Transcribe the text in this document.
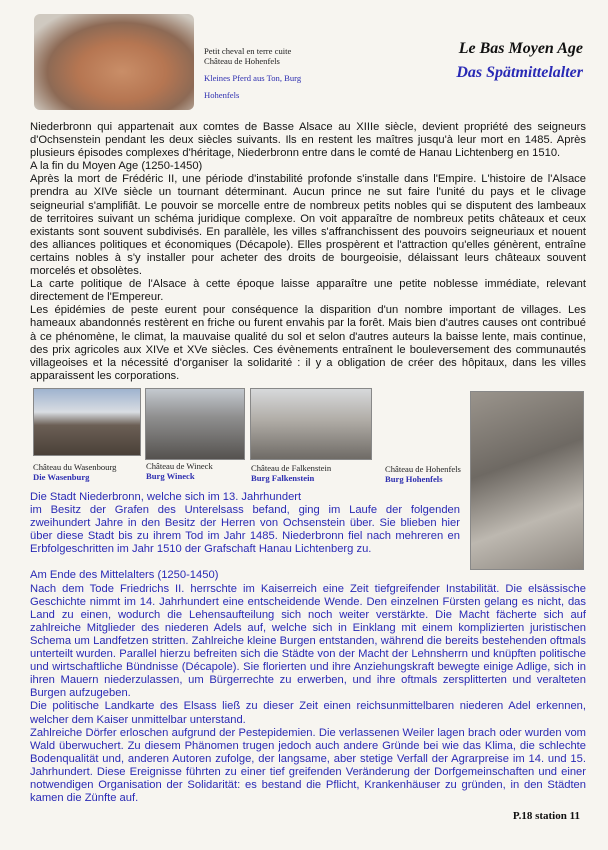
Petit cheval en terre cuite
Château de Hohenfels
Kleines Pferd aus Ton, Burg
Hohenfels
Le Bas Moyen Age
Das Spätmittelalter

Niederbronn qui appartenait aux comtes de Basse Alsace au XIIIe siècle, devient propriété des seigneurs d'Ochsenstein pendant les deux siècles suivants. Ils en restent les maîtres jusqu'à leur mort en 1485. Après plusieurs épisodes complexes d'héritage, Niederbronn entre dans le comté de Hanau Lichtenberg en 1510.

A la fin du Moyen Age (1250-1450)

Après la mort de Frédéric II, une période d'instabilité profonde s'installe dans l'Empire. L'histoire de l'Alsace prendra au XIVe siècle un tournant déterminant. Aucun prince ne sut faire l'unité du pays et le clivage seigneurial s'amplifiât. Le pouvoir se morcelle entre de nombreux petits nobles qui se disputent des lambeaux de territoires suivant un schéma juridique complexe. On voit apparaître de nombreux petits châteaux et ceux existants sont souvent subdivisés. En parallèle, les villes s'affranchissent des pouvoirs seigneuriaux et nouent des alliances politiques et économiques (Décapole). Elles prospèrent et l'attraction qu'elles génèrent, entraîne certains nobles à s'y installer pour acheter des droits de bourgeoisie, délaissant leurs châteaux souvent morcelés et obsolètes.

La carte politique de l'Alsace à cette époque laisse apparaître une petite noblesse immédiate, relevant directement de l'Empereur.

Les épidémies de peste eurent pour conséquence la disparition d'un nombre important de villages. Les hameaux abandonnés restèrent en friche ou furent envahis par la forêt. Mais bien d'autres causes ont contribué à ce phénomène, le climat, la mauvaise qualité du sol et selon d'autres auteurs la baisse lente, mais continue, des prix agricoles aux XIVe et XVe siècles. Ces évènements entraînent le bouleversement des communautés villageoises et la nécessité d'organiser la solidarité : il y a obligation de créer des hôpitaux, dans les villes apparaissent les corporations.

Château du Wasenbourg
Die Wasenburg
Château de Wineck
Burg Wineck
Château de Falkenstein
Burg Falkenstein
Château de Hohenfels
Burg Hohenfels

Die Stadt Niederbronn, welche sich im 13. Jahrhundert

im Besitz der Grafen des Unterelsass befand, ging im Laufe der folgenden zweihundert Jahre in den Besitz der Herren von Ochsenstein über. Sie blieben hier über diese Stadt bis zu ihrem Tod im Jahr 1485. Niederbronn fiel nach mehreren en Erbfolgeschritten im Jahr 1510 der Grafschaft Hanau Lichtenberg zu.

Am Ende des Mittelalters (1250-1450)

Nach dem Tode Friedrichs II. herrschte im Kaiserreich eine Zeit tiefgreifender Instabilität. Die elsässische Geschichte nimmt im 14. Jahrhundert eine entscheidende Wende. Den einzelnen Fürsten gelang es nicht, das Land zu einen, wodurch die Lehensaufteilung sich noch weiter verstärkte. Die Macht fächerte sich auf zahlreiche Mitglieder des niederen Adels auf, welche sich in Einklang mit einem komplizierten juristischen Schema um Landfetzen stritten. Zahlreiche kleine Burgen entstanden, während die bereits bestehenden oftmals unterteilt wurden. Parallel hierzu befreiten sich die Städte von der Macht der Lehnsherrn und knüpften politische und wirtschaftliche Bündnisse (Décapole). Sie florierten und ihre Anziehungskraft bewegte einige Adlige, sich in ihren Mauern niederzulassen, um Bürgerrechte zu erwerben, und ihre oftmals zersplitterten und veralteten Burgen aufzugeben.

Die politische Landkarte des Elsass ließ zu dieser Zeit einen reichsunmittelbaren niederen Adel erkennen, welcher dem Kaiser unmittelbar unterstand.

Zahlreiche Dörfer erloschen aufgrund der Pestepidemien. Die verlassenen Weiler lagen brach oder wurden vom Wald überwuchert. Zu diesem Phänomen trugen jedoch auch andere Gründe bei wie das Klima, die schlechte Bodenqualität und, anderen Autoren zufolge, der langsame, aber stetige Verfall der Agrarpreise im 14. und 15. Jahrhundert. Diese Ereignisse führten zu einer tief greifenden Veränderung der Dorfgemeinschaften und einer notwendigen Organisation der Solidarität: es bestand die Pflicht, Krankenhäuser zu gründen, in den Städten kamen die Zünfte auf.

P.18 station 11
